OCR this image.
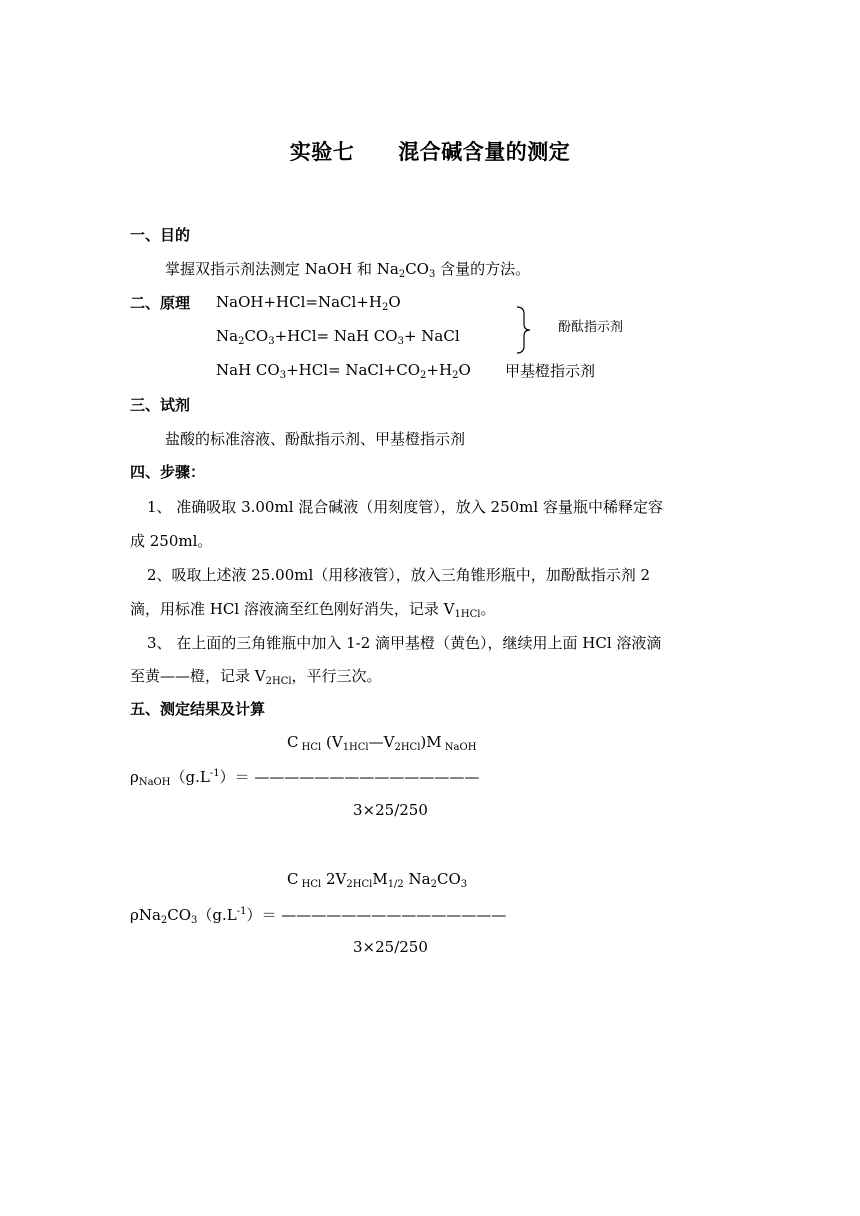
实验七 混合碱含量的测定
一、目的
掌握双指示剂法测定 NaOH 和 $Na_2CO_3$ 含量的方法。
二、原理 $NaOH+HCl=NaCl+H_2O$
$Na_2CO_3+HCl=$ NaH $CO_3+$ NaCl	酚酞指示剂
NaH $CO_3+HCl=$ $NaCl+CO_2+H_2O$ 甲基橙指示剂
三、试剂
盐酸的标准溶液、酚酞指示剂、甲基橙指示剂
四、步骤：
1、 准确吸取 3.00ml 混合碱液（用刻度管），放入 250ml 容量瓶中稀释定容
成 250ml。
2、吸取上述液 25.00ml（用移液管），放入三角锥形瓶中，加酚酞指示剂 2
滴，用标准 HCl 溶液滴至红色刚好消失，记录 $V_{1HCl}$。
3、 在上面的三角锥瓶中加入 1-2 滴甲基橙（黄色），继续用上面 HCl 溶液滴
至黄——橙，记录 $V_{2HCl}$，平行三次。
五、测定结果及计算
C $_{HCl}$ $(V_{1HCl}—V_{2HCl})M$ $_{NaOH}$
$\rho_{NaOH}(g.L^{-1})=$ ———————————————
3×25/250
C $_{HCl}$ $2V_{2HCl}M_{1/2}$ $Na_2CO_3$
$\rho Na_2CO_3(g.L^{-1})=$ ———————————————
3×25/250
